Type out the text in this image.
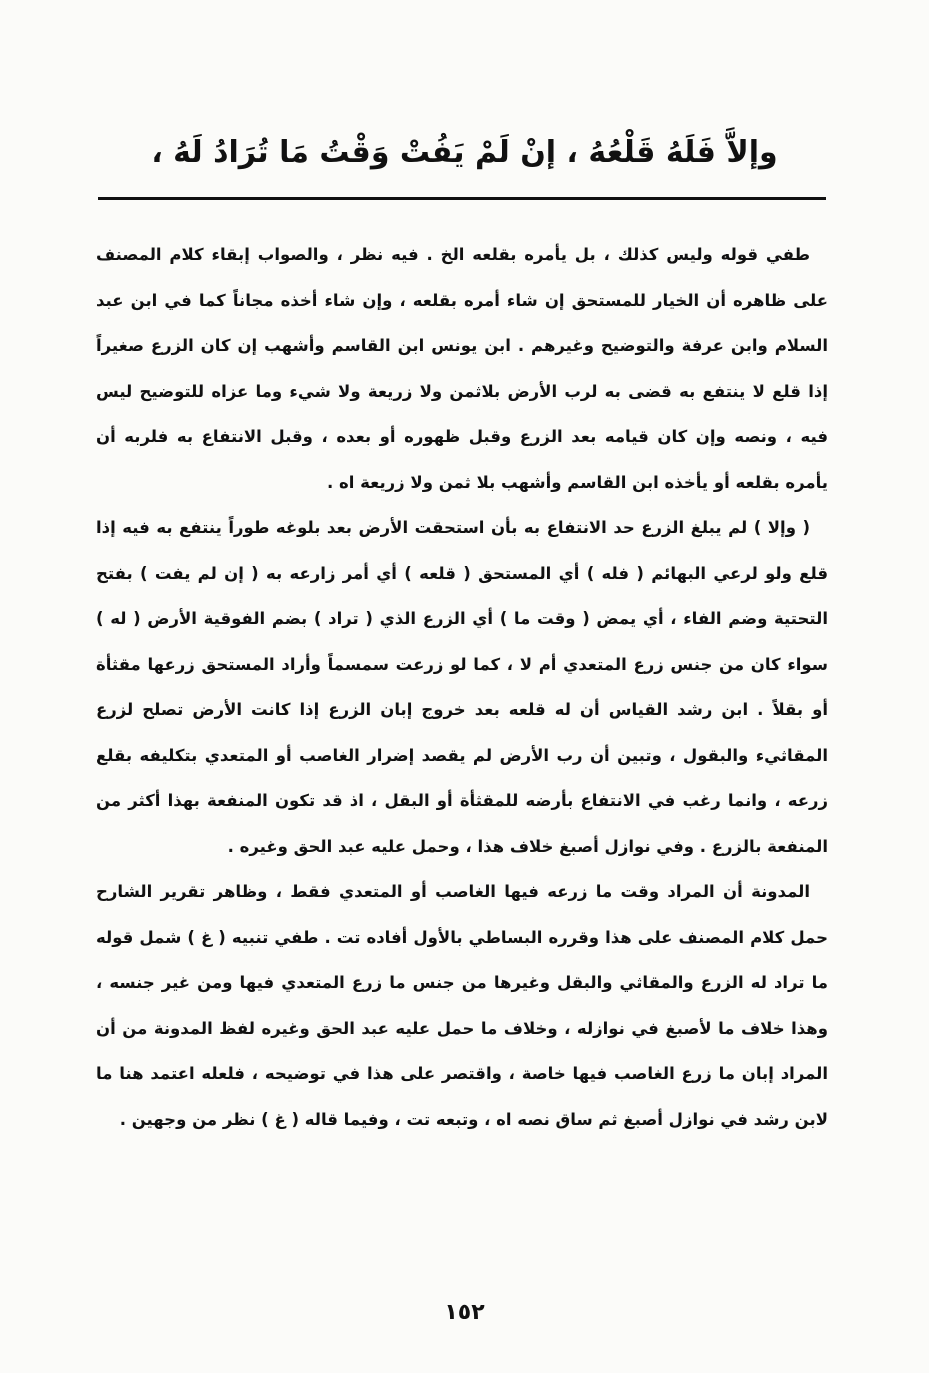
وإلاَّ فَلَهُ قَلْعُهُ ، إنْ لَمْ يَفُتْ وَقْتُ مَا تُرَادُ لَهُ ،

طفي قوله وليس كذلك ، بل يأمره بقلعه الخ . فيه نظر ، والصواب إبقاء كلام المصنف على ظاهره أن الخيار للمستحق إن شاء أمره بقلعه ، وإن شاء أخذه مجاناً كما في ابن عبد السلام وابن عرفة والتوضيح وغيرهم . ابن يونس ابن القاسم وأشهب إن كان الزرع صغيراً إذا قلع لا ينتفع به قضى به لرب الأرض بلاثمن ولا زريعة ولا شيء وما عزاه للتوضيح ليس فيه ، ونصه وإن كان قيامه بعد الزرع وقبل ظهوره أو بعده ، وقبل الانتفاع به فلربه أن يأمره بقلعه أو يأخذه ابن القاسم وأشهب بلا ثمن ولا زريعة اه .

( وإلا ) لم يبلغ الزرع حد الانتفاع به بأن استحقت الأرض بعد بلوغه طوراً ينتفع به فيه إذا قلع ولو لرعي البهائم ( فله ) أي المستحق ( قلعه ) أي أمر زارعه به ( إن لم يفت ) بفتح التحتية وضم الفاء ، أي يمض ( وقت ما ) أي الزرع الذي ( تراد ) بضم الفوقية الأرض ( له ) سواء كان من جنس زرع المتعدي أم لا ، كما لو زرعت سمسماً وأراد المستحق زرعها مقثأة أو بقلاً . ابن رشد القياس أن له قلعه بعد خروج إبان الزرع إذا كانت الأرض تصلح لزرع المقاثيء والبقول ، وتبين أن رب الأرض لم يقصد إضرار الغاصب أو المتعدي بتكليفه بقلع زرعه ، وانما رغب في الانتفاع بأرضه للمقثأة أو البقل ، اذ قد تكون المنفعة بهذا أكثر من المنفعة بالزرع . وفي نوازل أصبغ خلاف هذا ، وحمل عليه عبد الحق وغيره .

المدونة أن المراد وقت ما زرعه فيها الغاصب أو المتعدي فقط ، وظاهر تقرير الشارح حمل كلام المصنف على هذا وقرره البساطي بالأول أفاده تت . طفي تنبيه ( غ ) شمل قوله ما تراد له الزرع والمقاثي والبقل وغيرها من جنس ما زرع المتعدي فيها ومن غير جنسه ، وهذا خلاف ما لأصبغ في نوازله ، وخلاف ما حمل عليه عبد الحق وغيره لفظ المدونة من أن المراد إبان ما زرع الغاصب فيها خاصة ، واقتصر على هذا في توضيحه ، فلعله اعتمد هنا ما لابن رشد في نوازل أصبغ ثم ساق نصه اه ، وتبعه تت ، وفيما قاله ( غ ) نظر من وجهين .

١٥٢
